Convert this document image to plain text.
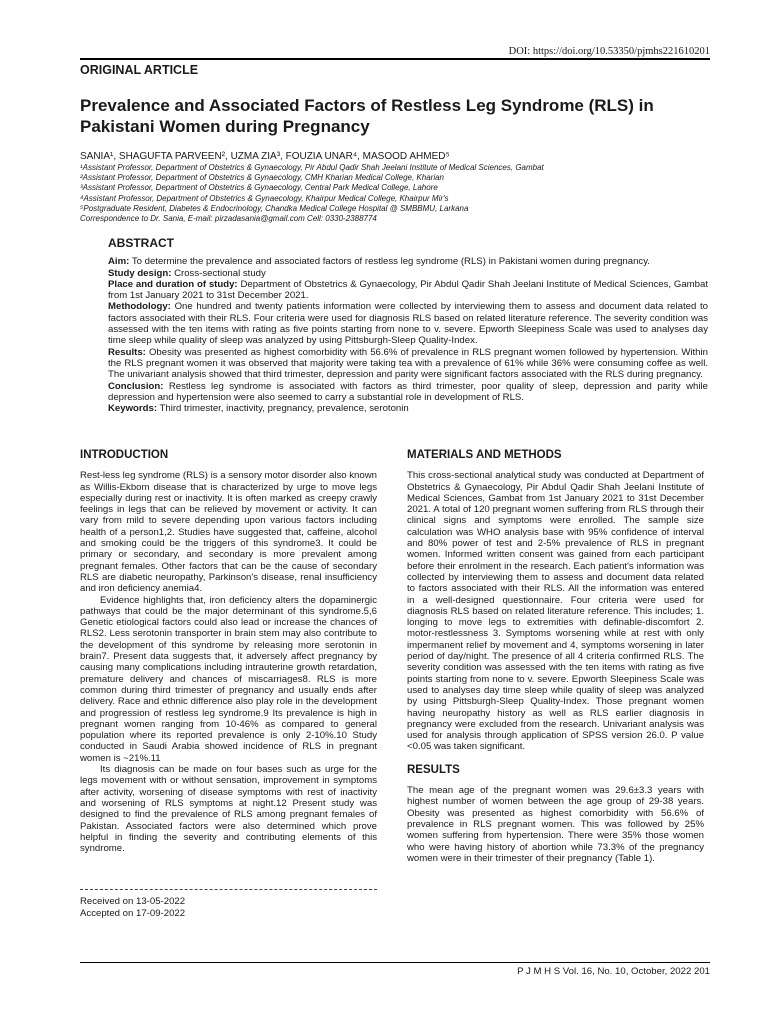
DOI: https://doi.org/10.53350/pjmhs221610201
ORIGINAL ARTICLE
Prevalence and Associated Factors of Restless Leg Syndrome (RLS) in Pakistani Women during Pregnancy
SANIA¹, SHAGUFTA PARVEEN², UZMA ZIA³, FOUZIA UNAR⁴, MASOOD AHMED⁵
¹Assistant Professor, Department of Obstetrics & Gynaecology, Pir Abdul Qadir Shah Jeelani Institute of Medical Sciences, Gambat
²Assistant Professor, Department of Obstetrics & Gynaecology, CMH Kharian Medical College, Kharian
³Assistant Professor, Department of Obstetrics & Gynaecology, Central Park Medical College, Lahore
⁴Assistant Professor, Department of Obstetrics & Gynaecology, Khairpur Medical College, Khairpur Mir's
⁵Postgraduate Resident, Diabetes & Endocrinology, Chandka Medical College Hospital @ SMBBMU, Larkana
Correspondence to Dr. Sania, E-mail: pirzadasania@gmail.com Cell: 0330-2388774
ABSTRACT

Aim: To determine the prevalence and associated factors of restless leg syndrome (RLS) in Pakistani women during pregnancy.

Study design: Cross-sectional study

Place and duration of study: Department of Obstetrics & Gynaecology, Pir Abdul Qadir Shah Jeelani Institute of Medical Sciences, Gambat from 1st January 2021 to 31st December 2021.

Methodology: One hundred and twenty patients information were collected by interviewing them to assess and document data related to factors associated with their RLS. Four criteria were used for diagnosis RLS based on related literature reference. The severity condition was assessed with the ten items with rating as five points starting from none to v. severe. Epworth Sleepiness Scale was used to analyses day time sleep while quality of sleep was analyzed by using Pittsburgh-Sleep Quality-Index.

Results: Obesity was presented as highest comorbidity with 56.6% of prevalence in RLS pregnant women followed by hypertension. Within the RLS pregnant women it was observed that majority were taking tea with a prevalence of 61% while 36% were consuming coffee as well. The univariant analysis showed that third trimester, depression and parity were significant factors associated with the RLS during pregnancy.

Conclusion: Restless leg syndrome is associated with factors as third trimester, poor quality of sleep, depression and parity while depression and hypertension were also seemed to carry a substantial role in development of RLS.

Keywords: Third trimester, inactivity, pregnancy, prevalence, serotonin

INTRODUCTION

Rest-less leg syndrome (RLS) is a sensory motor disorder also known as Willis-Ekbom disease that is characterized by urge to move legs especially during rest or inactivity. It is often marked as creepy crawly feelings in legs that can be relieved by movement or activity. It can vary from mild to severe depending upon various factors including health of a person1,2. Studies have suggested that, caffeine, alcohol and smoking could be the triggers of this syndrome3. It could be primary or secondary, and secondary is more prevalent among pregnant females. Other factors that can be the cause of secondary RLS are diabetic neuropathy, Parkinson's disease, renal insufficiency and iron deficiency anemia4.

Evidence highlights that, iron deficiency alters the dopaminergic pathways that could be the major determinant of this syndrome.5,6 Genetic etiological factors could also lead or increase the chances of RLS2. Less serotonin transporter in brain stem may also contribute to the development of this syndrome by releasing more serotonin in brain7. Present data suggests that, it adversely affect pregnancy by causing many complications including intrauterine growth retardation, premature delivery and chances of miscarriages8. RLS is more common during third trimester of pregnancy and usually ends after delivery. Race and ethnic difference also play role in the development and progression of restless leg syndrome.9 Its prevalence is high in pregnant women ranging from 10-46% as compared to general population where its reported prevalence is only 2-10%.10 Study conducted in Saudi Arabia showed incidence of RLS in pregnant women is ~21%.11

Its diagnosis can be made on four bases such as urge for the legs movement with or without sensation, improvement in symptoms after activity, worsening of disease symptoms with rest of inactivity and worsening of RLS symptoms at night.12 Present study was designed to find the prevalence of RLS among pregnant females of Pakistan. Associated factors were also determined which prove helpful in finding the severity and contributing elements of this syndrome.

Received on 13-05-2022
Accepted on 17-09-2022
MATERIALS AND METHODS

This cross-sectional analytical study was conducted at Department of Obstetrics & Gynaecology, Pir Abdul Qadir Shah Jeelani Institute of Medical Sciences, Gambat from 1st January 2021 to 31st December 2021. A total of 120 pregnant women suffering from RLS through their clinical signs and symptoms were enrolled. The sample size calculation was WHO analysis base with 95% confidence of interval and 80% power of test and 2-5% prevalence of RLS in pregnant women. Informed written consent was gained from each participant before their enrolment in the research. Each patient's information was collected by interviewing them to assess and document data related to factors associated with their RLS. All the information was entered in a well-designed questionnaire. Four criteria were used for diagnosis RLS based on related literature reference. This includes; 1. longing to move legs to extremities with definable-discomfort 2. motor-restlessness 3. Symptoms worsening while at rest with only impermanent relief by movement and 4, symptoms worsening in later period of day/night. The presence of all 4 criteria confirmed RLS. The severity condition was assessed with the ten items with rating as five points starting from none to v. severe. Epworth Sleepiness Scale was used to analyses day time sleep while quality of sleep was analyzed by using Pittsburgh-Sleep Quality-Index. Those pregnant women having neuropathy history as well as RLS earlier diagnosis in pregnancy were excluded from the research. Univariant analysis was used for analysis through application of SPSS version 26.0. P value <0.05 was taken significant.

RESULTS

The mean age of the pregnant women was 29.6±3.3 years with highest number of women between the age group of 29-38 years. Obesity was presented as highest comorbidity with 56.6% of prevalence in RLS pregnant women. This was followed by 25% women suffering from hypertension. There were 35% those women who were having history of abortion while 73.3% of the pregnancy women were in their trimester of their pregnancy (Table 1).

P J M H S Vol. 16, No. 10, October, 2022 201
